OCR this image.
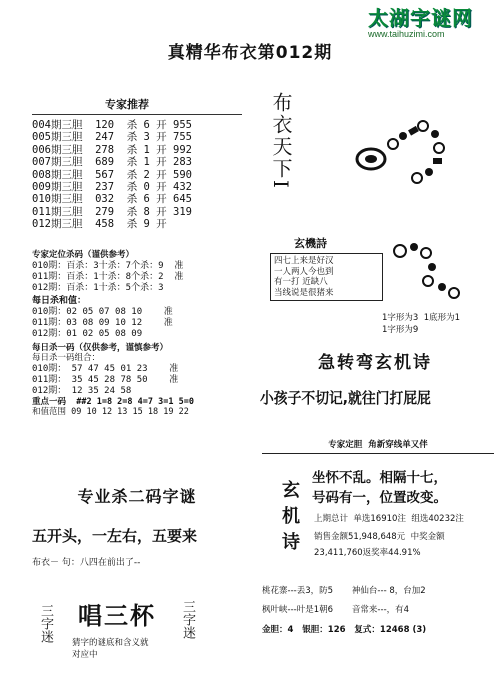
太湖字谜网
www.taihuzimi.com
真精华布衣第012期
专家推荐
004期三胆  120  杀 6 开 955
005期三胆  247  杀 3 开 755
006期三胆  278  杀 1 开 992
007期三胆  689  杀 1 开 283
008期三胆  567  杀 2 开 590
009期三胆  237  杀 0 开 432
010期三胆  032  杀 6 开 645
011期三胆  279  杀 8 开 319
012期三胆  458  杀 9 开
专家定位杀码（谨供参考）
010期：百杀：3十杀：7个杀：9  准
011期：百杀：1十杀：8个杀：2  准
012期：百杀：1十杀：5个杀：3
每日杀和值：
010期：02 05 07 08 10    准
011期：03 08 09 10 12    准
012期：01 02 05 08 09
每日杀一码（仅供参考，谨慎参考）
每日杀一码组合：
010期： 57 47 45 01 23    准
011期： 35 45 28 78 50    准
012期： 12 35 24 58
重点一码  ##2 1=8 2=8 4=7 3=1 5=0
和值范围 09 10 12 13 15 18 19 22
布衣天下I
玄機詩
四七上来是好汉
一人两人今也到
有一打 近缺八
当线说是很猪来
1字形为3  1底形为1
1字形为9
急转弯玄机诗
小孩子不切记,就往门打屁屁
专家定胆  角新穿线单又伴
玄机诗
坐怀不乱。相隔十七，
号码有一，位置改变。
上期总计  单选16910注  组选40232注
销售金额51,948,648元  中奖金额
23,411,760返奖率44.91%
专业杀二码字谜
五开头，一左右，五要来
布衣－ 句：八四在前出了--
三字迷 唱三杯 三字迷
猜字的谜底和含义就
对应中
桃花寨---丢3，防5       神仙台--- 8，台加2
枫叶峡---叶是1朝6       音常来---，有4
金胆：4   银胆：126   复式：12468 (3)
